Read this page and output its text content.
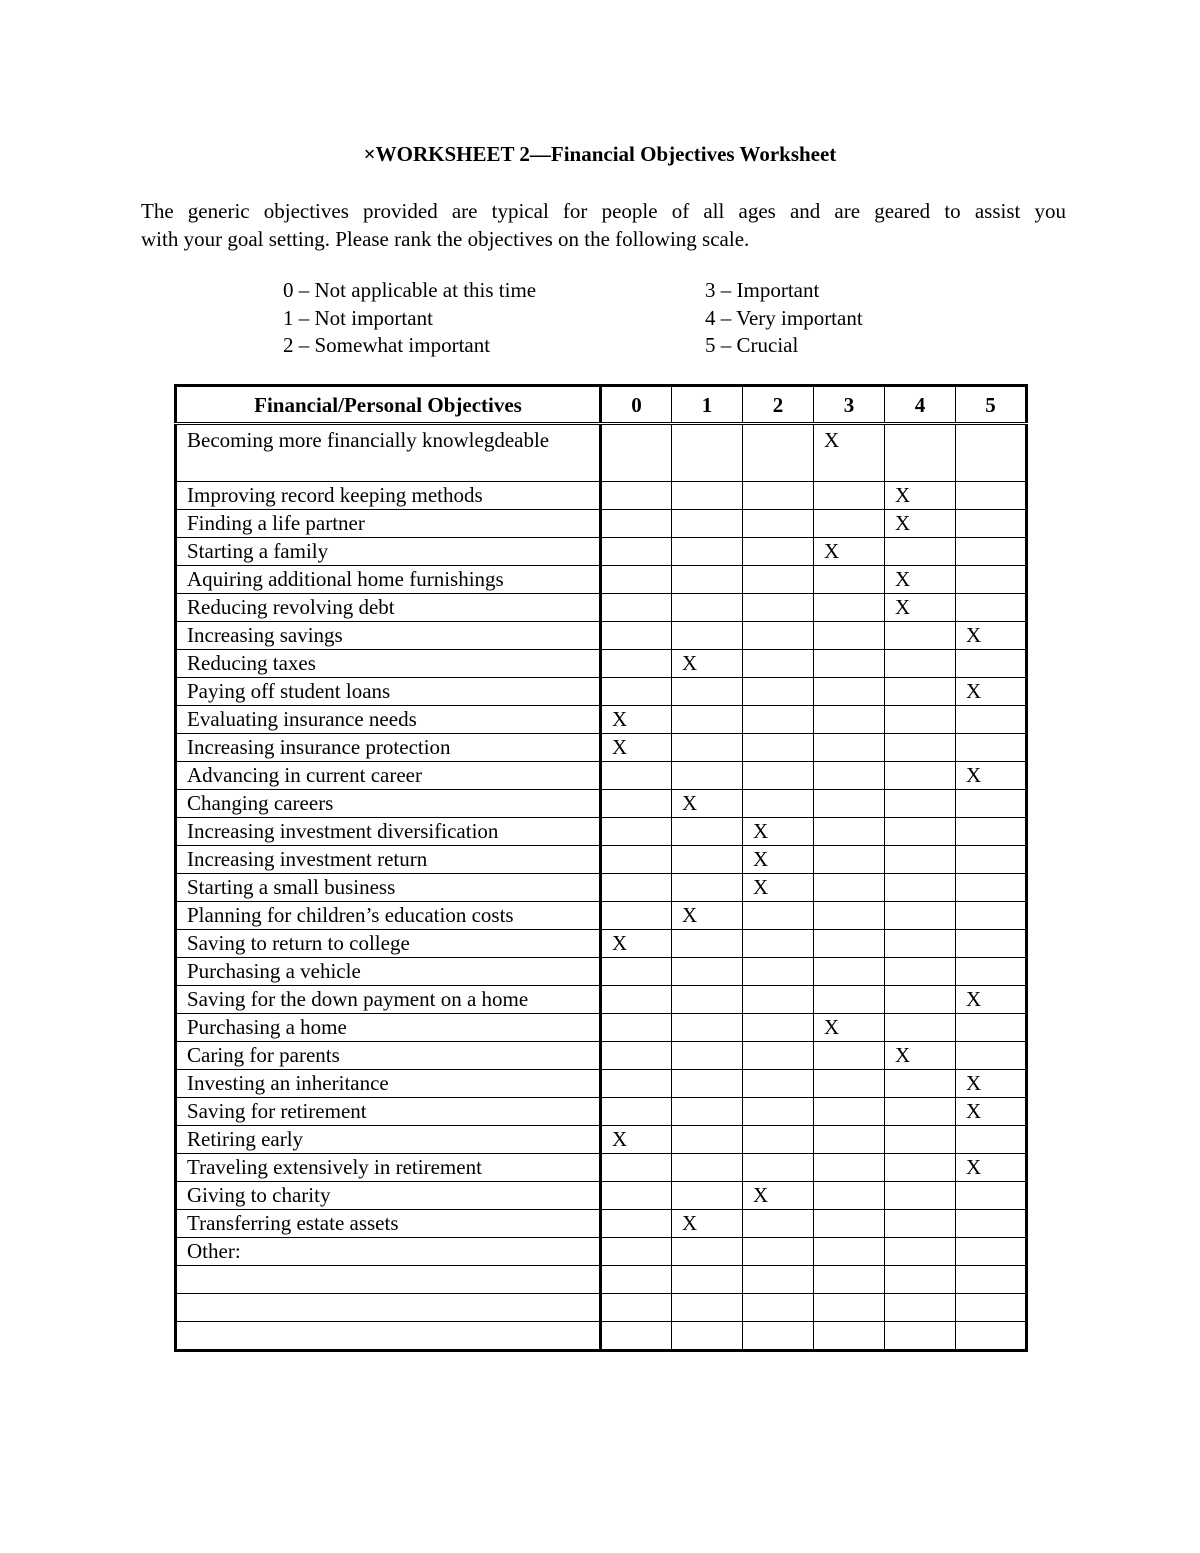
×WORKSHEET 2—Financial Objectives Worksheet
The generic objectives provided are typical for people of all ages and are geared to assist you
with your goal setting. Please rank the objectives on the following scale.
0 – Not applicable at this time
1 – Not important
2 – Somewhat important
3 – Important
4 – Very important
5 – Crucial
Financial/Personal Objectives	0	1	2	3	4	5
Becoming more financially knowlegdeable				X		
Improving record keeping methods					X	
Finding a life partner					X	
Starting a family				X		
Aquiring additional home furnishings					X	
Reducing revolving debt					X	
Increasing savings						X
Reducing taxes		X				
Paying off student loans						X
Evaluating insurance needs	X					
Increasing insurance protection	X					
Advancing in current career						X
Changing careers		X				
Increasing investment diversification			X			
Increasing investment return			X			
Starting a small business			X			
Planning for children’s education costs		X				
Saving to return to college	X					
Purchasing a vehicle						
Saving for the down payment on a home						X
Purchasing a home				X		
Caring for parents					X	
Investing an inheritance						X
Saving for retirement						X
Retiring early	X					
Traveling extensively in retirement						X
Giving to charity			X			
Transferring estate assets		X				
Other:						
